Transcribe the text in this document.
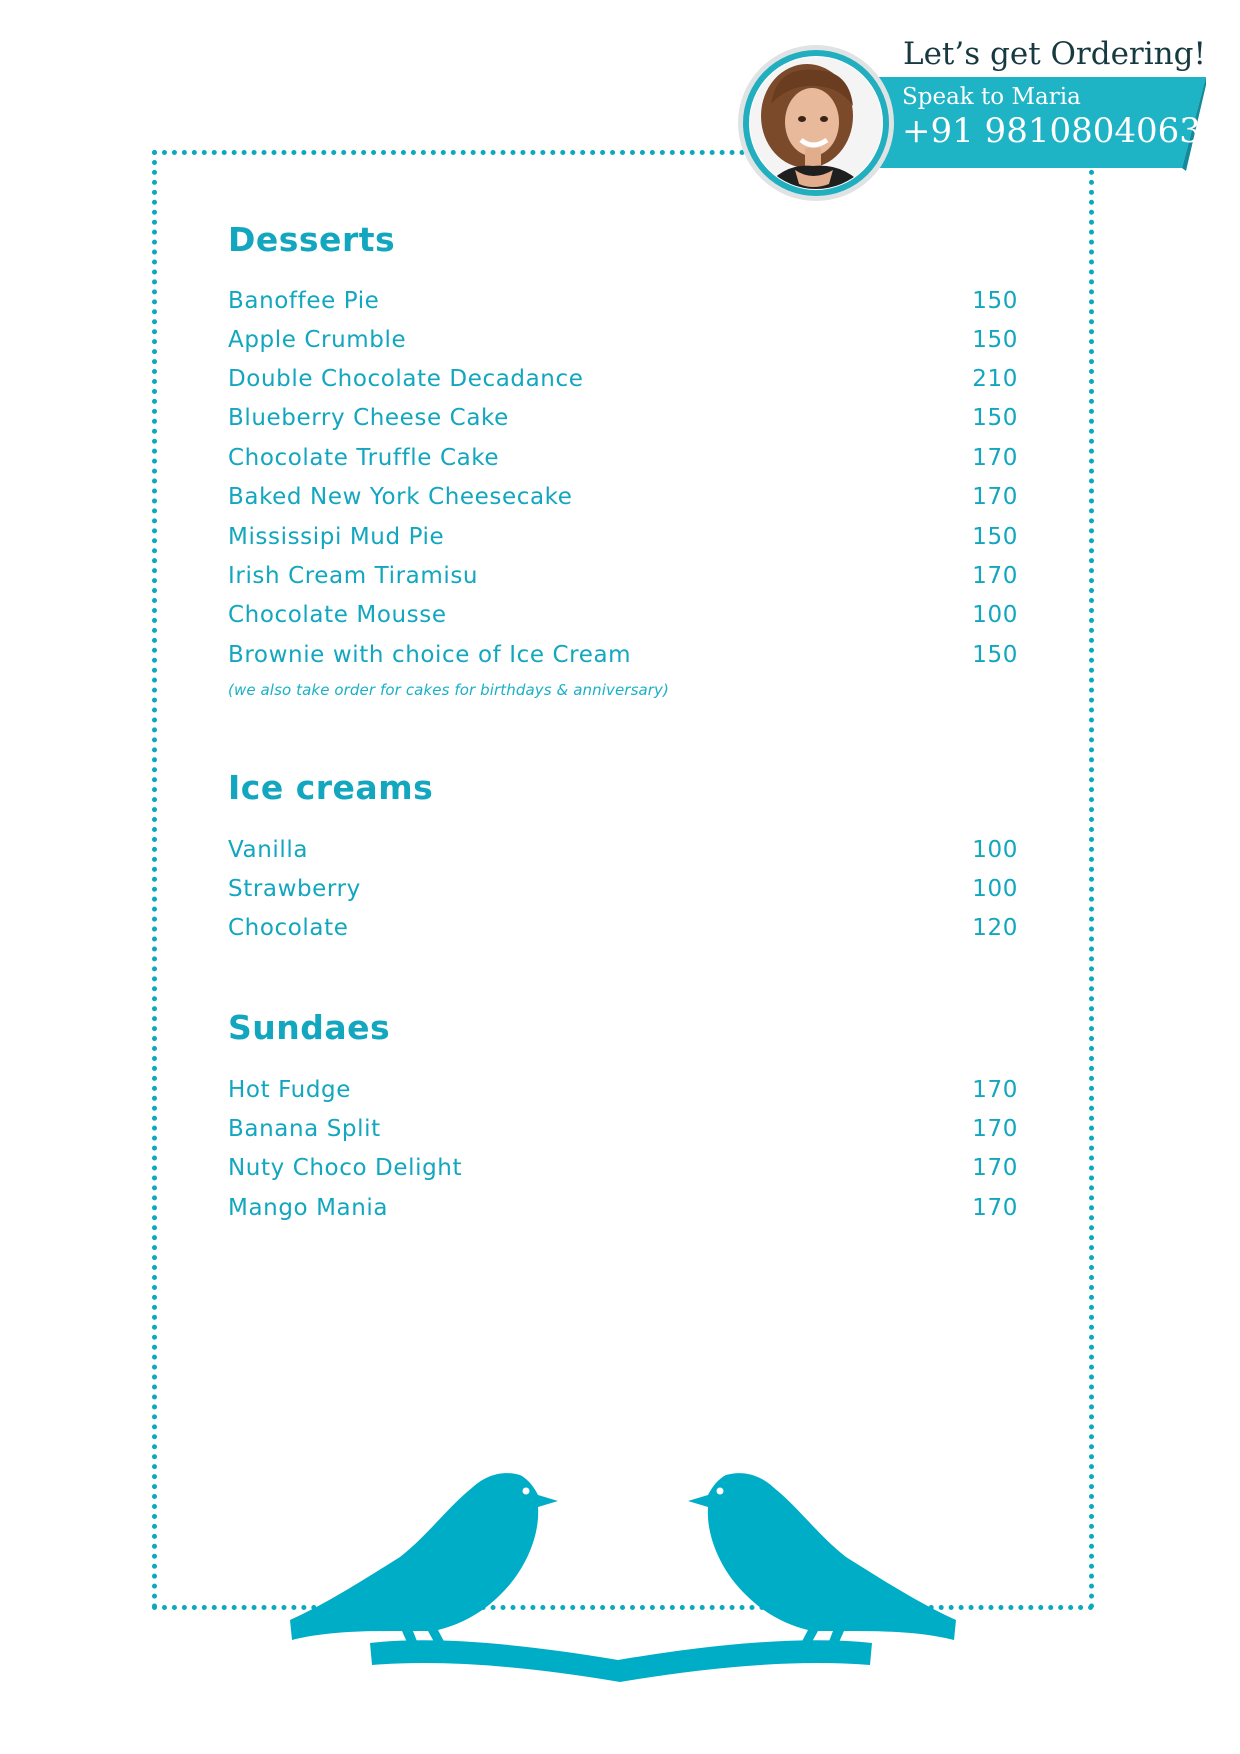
Let’s get Ordering!
Speak to Maria
+91 9810804063
Desserts
Banoffee Pie	150
Apple Crumble	150
Double Chocolate Decadance	210
Blueberry Cheese Cake	150
Chocolate Truffle Cake	170
Baked New York Cheesecake	170
Mississipi Mud Pie	150
Irish Cream Tiramisu	170
Chocolate Mousse	100
Brownie with choice of Ice Cream	150
(we also take order for cakes for birthdays & anniversary)
Ice creams
Vanilla	100
Strawberry	100
Chocolate	120
Sundaes
Hot Fudge	170
Banana Split	170
Nuty Choco Delight	170
Mango Mania	170
